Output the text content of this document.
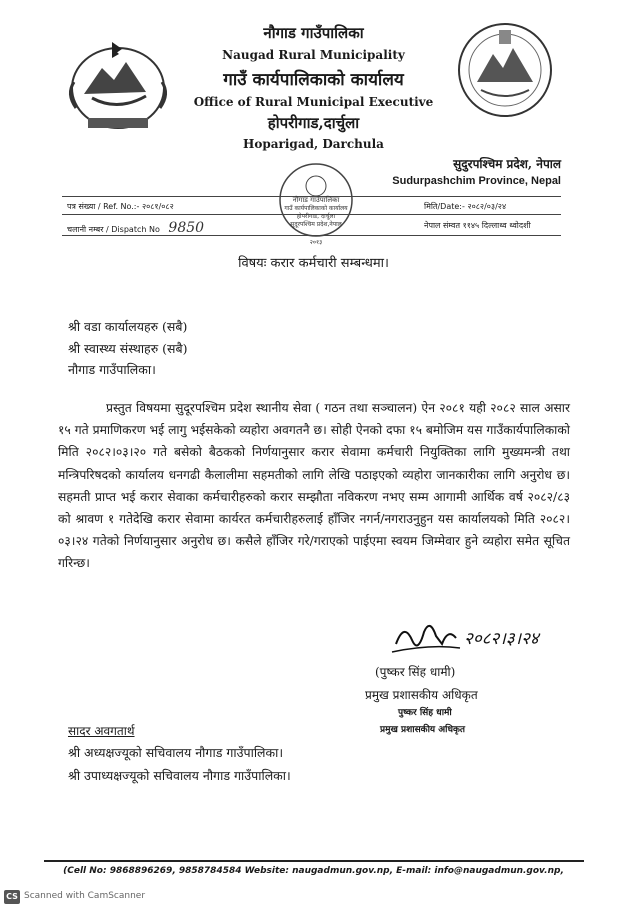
नौगाड गाउँपालिका
Naugad Rural Municipality
गाउँ कार्यपालिकाको कार्यालय
Office of Rural Municipal Executive
होपरीगाड,दार्चुला
Hoparigad, Darchula
सुदुरपश्चिम प्रदेश, नेपाल
Sudurpashchim Province, Nepal
पत्र संख्या / Ref. No.:- २०८१/०८२
चलानी नम्बर / Dispatch No 9850
मिति/Date:- २०८२/०३/२४
नेपाल संम्वत ११४५ दिल्लाथ्व थ्वोदशी
नौगाड गाउँपालिका
गाउँ कार्यपालिकाको कार्यालय
होपरीगाड, दार्चुला
सुदूरपश्चिम प्रदेश,नेपाल
२०१३
विषयः करार कर्मचारी सम्बन्धमा।
श्री वडा कार्यालयहरु (सबै)
श्री स्वास्थ्य संस्थाहरु (सबै)
नौगाड गाउँपालिका।

प्रस्तुत विषयमा सुदूरपश्चिम प्रदेश स्थानीय सेवा ( गठन तथा सञ्चालन) ऐन २०८१ यही २०८२ साल असार १५ गते प्रमाणिकरण भई लागु भईसकेको व्यहोरा अवगतनै छ। सोही ऐनको दफा १५ बमोजिम यस गाउँकार्यपालिकाको मिति २०८२।०३।२० गते बसेको बैठकको निर्णयानुसार करार सेवामा कर्मचारी नियुक्तिका लागि मुख्यमन्त्री तथा मन्त्रिपरिषदको कार्यालय धनगढी कैलालीमा सहमतीको लागि लेखि पठाइएको व्यहोरा जानकारीका लागि अनुरोध छ। सहमती प्राप्त भई करार सेवाका कर्मचारीहरुको करार सम्झौता नविकरण नभए सम्म आगामी आर्थिक वर्ष २०८२/८३ को श्रावण १ गतेदेखि करार सेवामा कार्यरत कर्मचारीहरुलाई हाँजिर नगर्न/नगराउनुहुन यस कार्यालयको मिति २०८२।०३।२४ गतेको निर्णयानुसार अनुरोध छ। कसैले हाँजिर गरे/गराएको पाईएमा स्वयम जिम्मेवार हुने व्यहोरा समेत सूचित गरिन्छ।

२०८२।३।२४
(पुष्कर सिंह धामी)
प्रमुख प्रशासकीय अधिकृत
पुष्कर सिंह धामी
प्रमुख प्रशासकीय अधिकृत
सादर अवगतार्थ
श्री अध्यक्षज्यूको सचिवालय नौगाड गाउँपालिका।
श्री उपाध्यक्षज्यूको सचिवालय नौगाड गाउँपालिका।
(Cell No: 9868896269, 9858784584 Website: naugadmun.gov.np, E-mail: info@naugadmun.gov.np,
CS Scanned with CamScanner
